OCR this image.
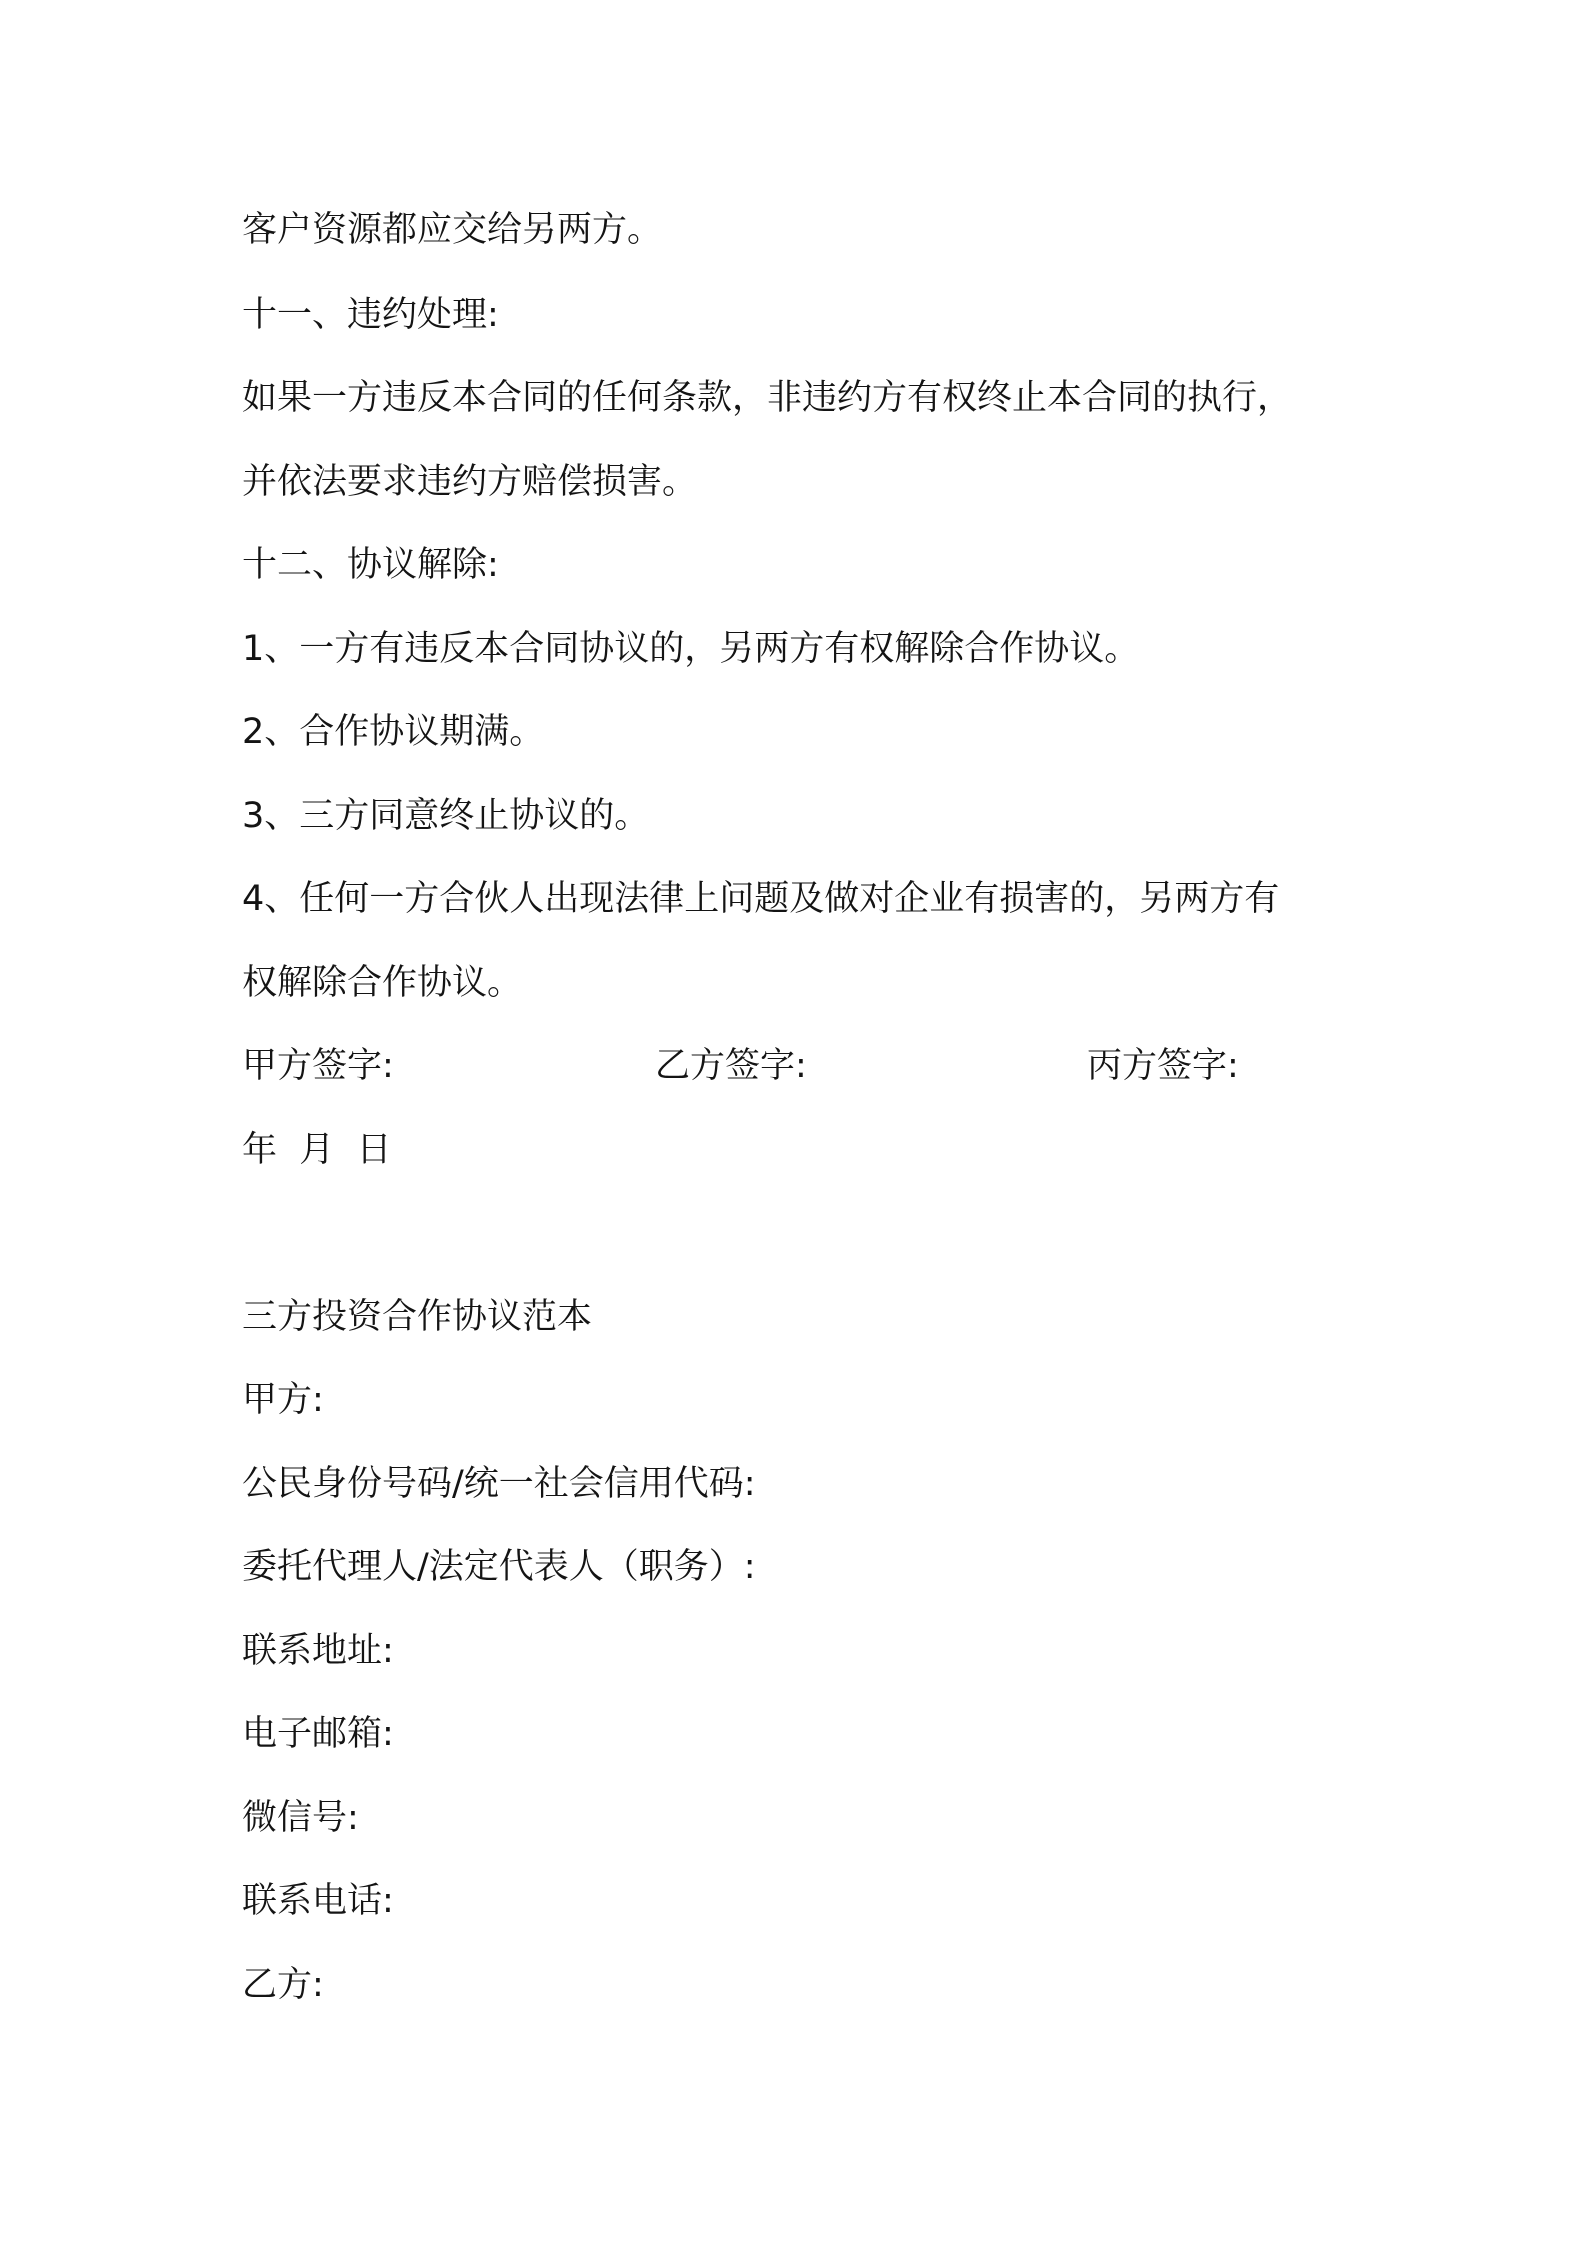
客户资源都应交给另两方。

十一、违约处理:

如果一方违反本合同的任何条款，非违约方有权终止本合同的执行，

并依法要求违约方赔偿损害。

十二、协议解除:

1、一方有违反本合同协议的，另两方有权解除合作协议。

2、合作协议期满。

3、三方同意终止协议的。

4、任何一方合伙人出现法律上问题及做对企业有损害的，另两方有

权解除合作协议。

甲方签字:	乙方签字:	丙方签字:

年  月  日

三方投资合作协议范本

甲方:

公民身份号码/统一社会信用代码:

委托代理人/法定代表人（职务）:

联系地址:

电子邮箱:

微信号:

联系电话:

乙方:
